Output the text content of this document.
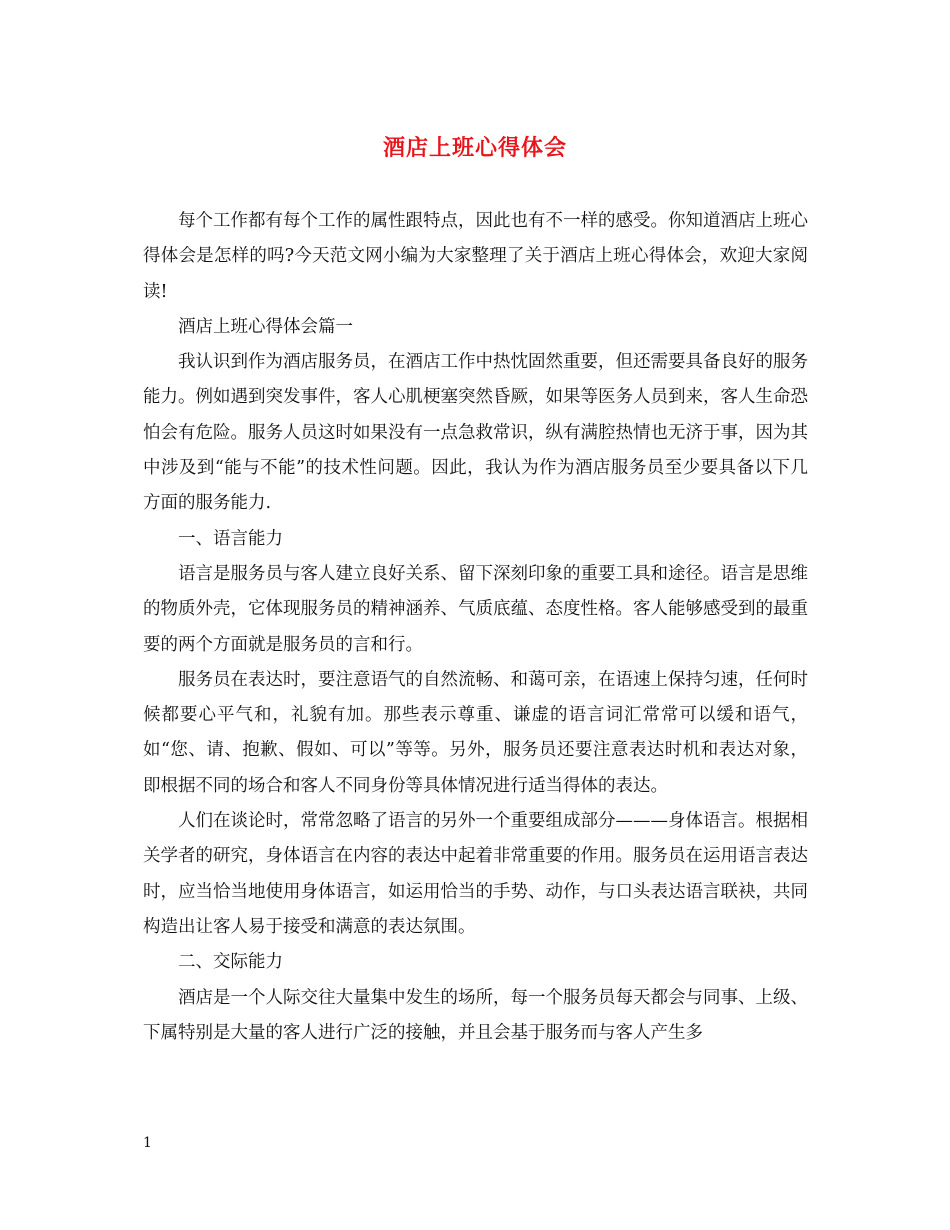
酒店上班心得体会

每个工作都有每个工作的属性跟特点，因此也有不一样的感受。你知道酒店上班心得体会是怎样的吗?今天范文网小编为大家整理了关于酒店上班心得体会，欢迎大家阅读!

酒店上班心得体会篇一

我认识到作为酒店服务员，在酒店工作中热忱固然重要，但还需要具备良好的服务能力。例如遇到突发事件，客人心肌梗塞突然昏厥，如果等医务人员到来，客人生命恐怕会有危险。服务人员这时如果没有一点急救常识，纵有满腔热情也无济于事，因为其中涉及到“能与不能”的技术性问题。因此，我认为作为酒店服务员至少要具备以下几方面的服务能力.

一、语言能力

语言是服务员与客人建立良好关系、留下深刻印象的重要工具和途径。语言是思维的物质外壳，它体现服务员的精神涵养、气质底蕴、态度性格。客人能够感受到的最重要的两个方面就是服务员的言和行。

服务员在表达时，要注意语气的自然流畅、和蔼可亲，在语速上保持匀速，任何时候都要心平气和，礼貌有加。那些表示尊重、谦虚的语言词汇常常可以缓和语气，如“您、请、抱歉、假如、可以”等等。另外，服务员还要注意表达时机和表达对象，即根据不同的场合和客人不同身份等具体情况进行适当得体的表达。

人们在谈论时，常常忽略了语言的另外一个重要组成部分———身体语言。根据相关学者的研究，身体语言在内容的表达中起着非常重要的作用。服务员在运用语言表达时，应当恰当地使用身体语言，如运用恰当的手势、动作，与口头表达语言联袂，共同构造出让客人易于接受和满意的表达氛围。

二、交际能力

酒店是一个人际交往大量集中发生的场所，每一个服务员每天都会与同事、上级、下属特别是大量的客人进行广泛的接触，并且会基于服务而与客人产生多

1
